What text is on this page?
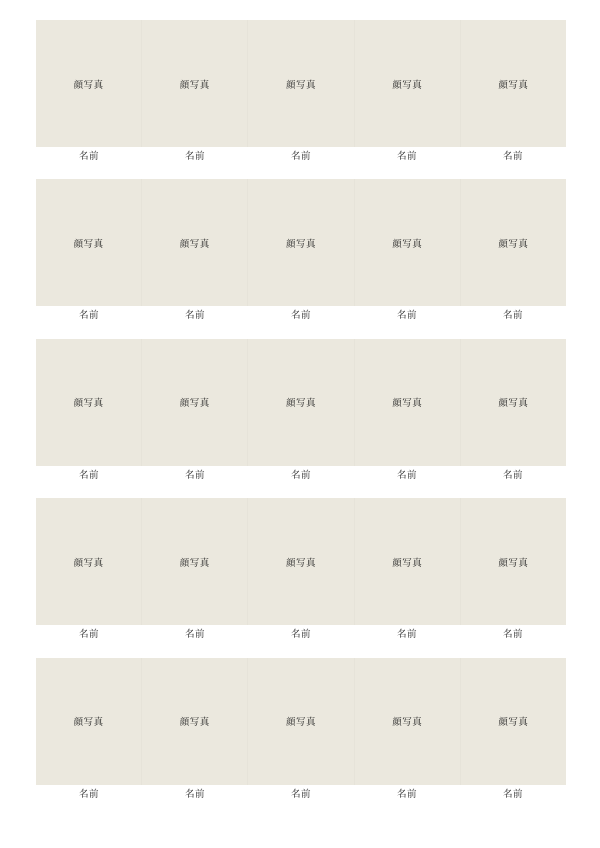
顔写真	顔写真	顔写真	顔写真	顔写真
名前	名前	名前	名前	名前
顔写真	顔写真	顔写真	顔写真	顔写真
名前	名前	名前	名前	名前
顔写真	顔写真	顔写真	顔写真	顔写真
名前	名前	名前	名前	名前
顔写真	顔写真	顔写真	顔写真	顔写真
名前	名前	名前	名前	名前
顔写真	顔写真	顔写真	顔写真	顔写真
名前	名前	名前	名前	名前
